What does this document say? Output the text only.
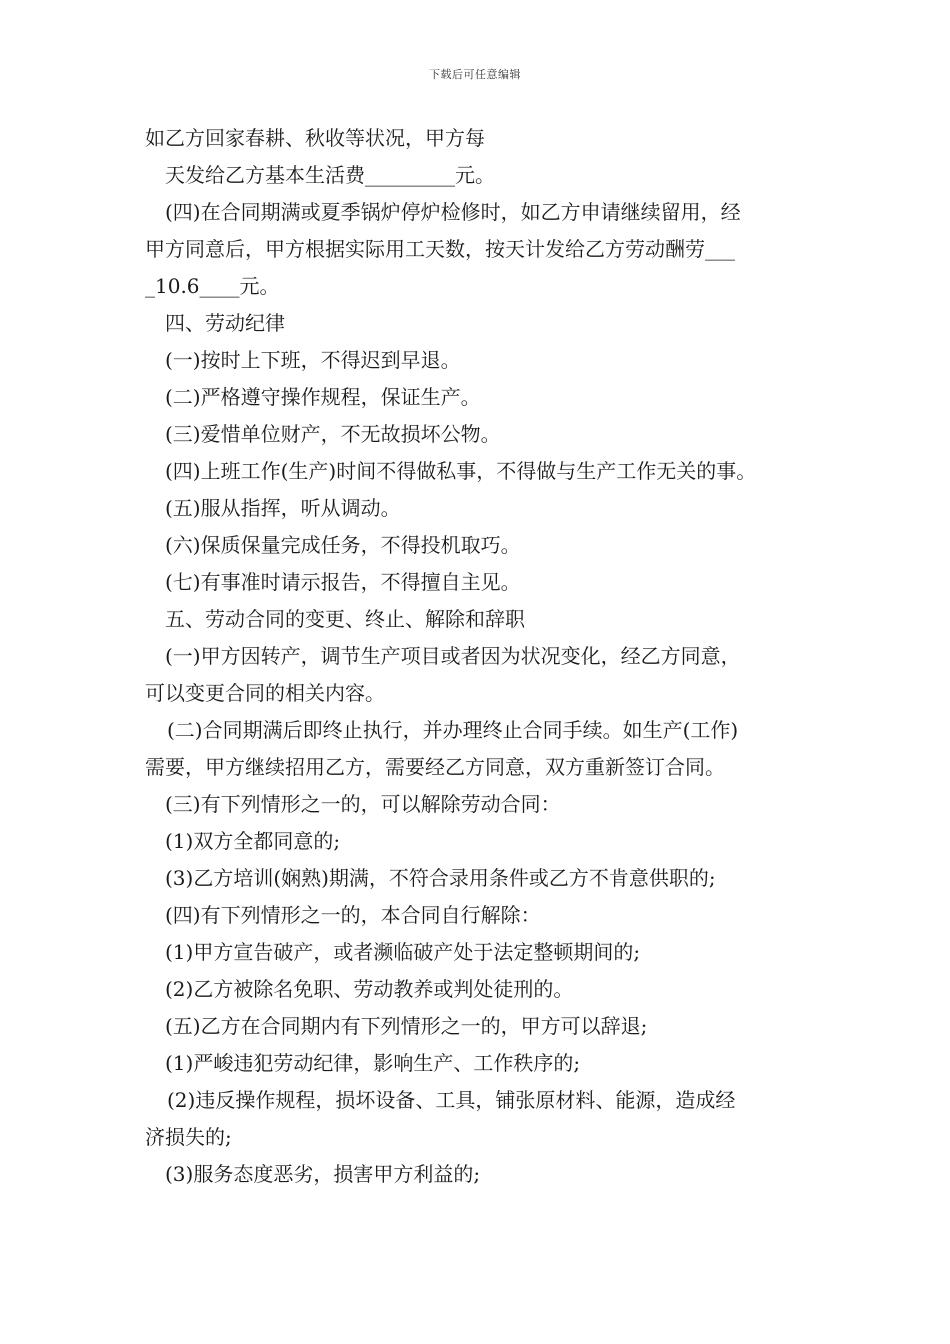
下载后可任意编辑
如乙方回家春耕、秋收等状况，甲方每
天发给乙方基本生活费_________元。
(四)在合同期满或夏季锅炉停炉检修时，如乙方申请继续留用，经
甲方同意后，甲方根据实际用工天数，按天计发给乙方劳动酬劳___
_10.6____元。
四、劳动纪律
(一)按时上下班，不得迟到早退。
(二)严格遵守操作规程，保证生产。
(三)爱惜单位财产，不无故损坏公物。
(四)上班工作(生产)时间不得做私事，不得做与生产工作无关的事。
(五)服从指挥，听从调动。
(六)保质保量完成任务，不得投机取巧。
(七)有事准时请示报告，不得擅自主见。
五、劳动合同的变更、终止、解除和辞职
(一)甲方因转产，调节生产项目或者因为状况变化，经乙方同意，
可以变更合同的相关内容。
(二)合同期满后即终止执行，并办理终止合同手续。如生产(工作)
需要，甲方继续招用乙方，需要经乙方同意，双方重新签订合同。
(三)有下列情形之一的，可以解除劳动合同：
(1)双方全都同意的;
(3)乙方培训(娴熟)期满，不符合录用条件或乙方不肯意供职的;
(四)有下列情形之一的，本合同自行解除：
(1)甲方宣告破产，或者濒临破产处于法定整顿期间的;
(2)乙方被除名免职、劳动教养或判处徒刑的。
(五)乙方在合同期内有下列情形之一的，甲方可以辞退;
(1)严峻违犯劳动纪律，影响生产、工作秩序的;
(2)违反操作规程，损坏设备、工具，铺张原材料、能源，造成经
济损失的;
(3)服务态度恶劣，损害甲方利益的;
